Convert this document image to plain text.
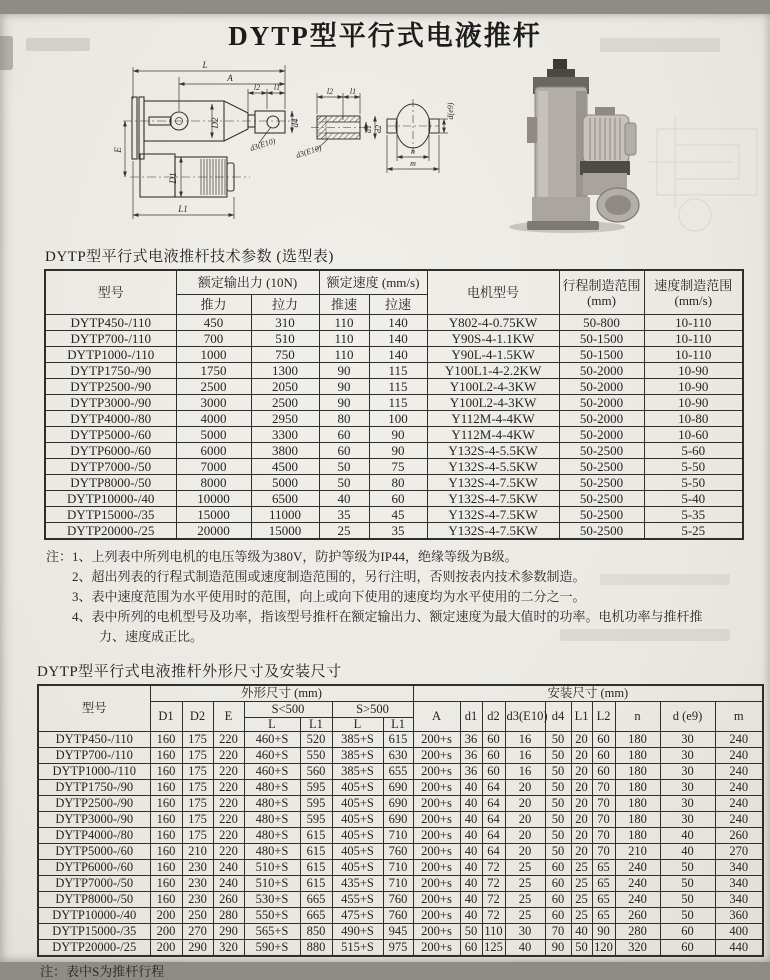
DYTP型平行式电液推杆
L
A
l2 l1
D2	d4
E
D1
L1
d3(E10)
l2 l1
d3(E10)
d1 d2
d(e9)
n
m
DYTP型平行式电液推杆技术参数 (选型表)
型号	额定输出力 (10N)	额定速度 (mm/s)	电机型号	行程制造范围
(mm)

速度制造范围
(mm/s)

	推力	拉力	推速	拉速			
DYTP450-/110	450	310	110	140	Y802-4-0.75KW	50-800	10-110
DYTP700-/110	700	510	110	140	Y90S-4-1.1KW	50-1500	10-110
DYTP1000-/110	1000	750	110	140	Y90L-4-1.5KW	50-1500	10-110
DYTP1750-/90	1750	1300	90	115	Y100L1-4-2.2KW	50-2000	10-90
DYTP2500-/90	2500	2050	90	115	Y100L2-4-3KW	50-2000	10-90
DYTP3000-/90	3000	2500	90	115	Y100L2-4-3KW	50-2000	10-90
DYTP4000-/80	4000	2950	80	100	Y112M-4-4KW	50-2000	10-80
DYTP5000-/60	5000	3300	60	90	Y112M-4-4KW	50-2000	10-60
DYTP6000-/60	6000	3800	60	90	Y132S-4-5.5KW	50-2500	5-60
DYTP7000-/50	7000	4500	50	75	Y132S-4-5.5KW	50-2500	5-50
DYTP8000-/50	8000	5000	50	80	Y132S-4-7.5KW	50-2500	5-50
DYTP10000-/40	10000	6500	40	60	Y132S-4-7.5KW	50-2500	5-40
DYTP15000-/35	15000	11000	35	45	Y132S-4-7.5KW	50-2500	5-35
DYTP20000-/25	20000	15000	25	35	Y132S-4-7.5KW	50-2500	5-25
注：1、上列表中所列电机的电压等级为380V，防护等级为IP44，绝缘等级为B级。
2、超出列表的行程式制造范围或速度制造范围的，另行注明，否则按表内技术参数制造。
3、表中速度范围为水平使用时的范围，向上或向下使用的速度均为水平使用的二分之一。
4、表中所列的电机型号及功率，指该型号推杆在额定输出力、额定速度为最大值时的功率。电机功率与推杆推力、速度成正比。
DYTP型平行式电液推杆外形尺寸及安装尺寸
型号	外形尺寸 (mm)							安装尺寸 (mm)									
	D1	D2	E	S<500		S>500		A	d1	d2	d3(E10)	d4	L1	L2	n	d (e9)	m
				L	L1	L	L1										
DYTP450-/110	160	175	220	460+S	520	385+S	615	200+s	36	60	16	50	20	60	180	30	240
DYTP700-/110	160	175	220	460+S	550	385+S	630	200+s	36	60	16	50	20	60	180	30	240
DYTP1000-/110	160	175	220	460+S	560	385+S	655	200+s	36	60	16	50	20	60	180	30	240
DYTP1750-/90	160	175	220	480+S	595	405+S	690	200+s	40	64	20	50	20	70	180	30	240
DYTP2500-/90	160	175	220	480+S	595	405+S	690	200+s	40	64	20	50	20	70	180	30	240
DYTP3000-/90	160	175	220	480+S	595	405+S	690	200+s	40	64	20	50	20	70	180	30	240
DYTP4000-/80	160	175	220	480+S	615	405+S	710	200+s	40	64	20	50	20	70	180	40	260
DYTP5000-/60	160	210	220	480+S	615	405+S	760	200+s	40	64	20	50	20	70	210	40	270
DYTP6000-/60	160	230	240	510+S	615	405+S	710	200+s	40	72	25	60	25	65	240	50	340
DYTP7000-/50	160	230	240	510+S	615	435+S	710	200+s	40	72	25	60	25	65	240	50	340
DYTP8000-/50	160	230	260	530+S	665	455+S	760	200+s	40	72	25	60	25	65	240	50	340
DYTP10000-/40	200	250	280	550+S	665	475+S	760	200+s	40	72	25	60	25	65	260	50	360
DYTP15000-/35	200	270	290	565+S	850	490+S	945	200+s	50	110	30	70	40	90	280	60	400
DYTP20000-/25	200	290	320	590+S	880	515+S	975	200+s	60	125	40	90	50	120	320	60	440
注：表中S为推杆行程
